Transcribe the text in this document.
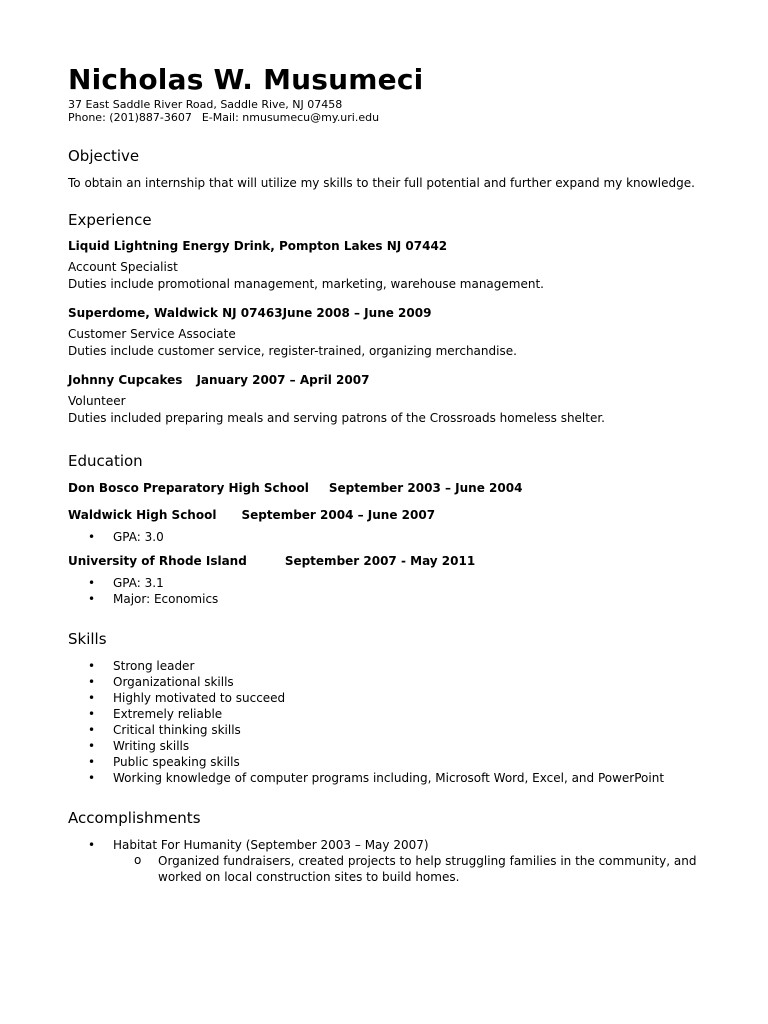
Nicholas W. Musumeci

37 East Saddle River Road, Saddle Rive, NJ 07458

Phone: (201)887-3607 E-Mail: nmusumecu@my.uri.edu

Objective

To obtain an internship that will utilize my skills to their full potential and further expand my knowledge.

Experience

Liquid Lightning Energy Drink, Pompton Lakes NJ 07442

Account Specialist

Duties include promotional management, marketing, warehouse management.

Superdome, Waldwick NJ 07463June 2008 – June 2009

Customer Service Associate

Duties include customer service, register-trained, organizing merchandise.

Johnny Cupcakes January 2007 – April 2007

Volunteer

Duties included preparing meals and serving patrons of the Crossroads homeless shelter.

Education

Don Bosco Preparatory High School September 2003 – June 2004

Waldwick High School September 2004 – June 2007

• GPA: 3.0

University of Rhode Island	September 2007 - May 2011

• GPA: 3.1
• Major: Economics
Skills
• Strong leader
• Organizational skills
• Highly motivated to succeed
• Extremely reliable
• Critical thinking skills
• Writing skills
• Public speaking skills
• Working knowledge of computer programs including, Microsoft Word, Excel, and PowerPoint
Accomplishments
• Habitat For Humanity (September 2003 – May 2007)
o Organized fundraisers, created projects to help struggling families in the community, and worked on local construction sites to build homes.
